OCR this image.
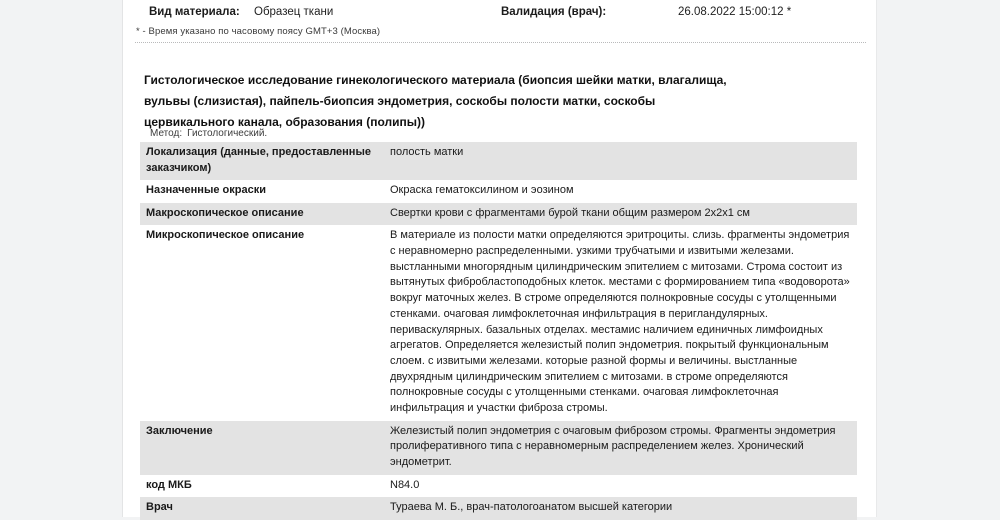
Вид материала: Образец ткани	Валидация (врач):	26.08.2022 15:00:12 *
* - Время указано по часовому поясу GMT+3 (Москва)
Гистологическое исследование гинекологического материала (биопсия шейки матки, влагалища,
вульвы (слизистая), пайпель-биопсия эндометрия, соскобы полости матки, соскобы
цервикального канала, образования (полипы))
Метод: Гистологический.
Локализация (данные, предоставленные заказчиком)	полость матки
Назначенные окраски	Окраска гематоксилином и эозином
Макроскопическое описание	Свертки крови с фрагментами бурой ткани общим размером 2х2х1 см
Микроскопическое описание	В материале из полости матки определяются эритроциты. слизь. фрагменты эндометрия с неравномерно распределенными. узкими трубчатыми и извитыми железами. выстланными многорядным цилиндрическим эпителием с митозами. Строма состоит из вытянутых фибробластоподобных клеток. местами с формированием типа «водоворота» вокруг маточных желез. В строме определяются полнокровные сосуды с утолщенными стенками. очаговая лимфоклеточная инфильтрация в перигландулярных. периваскулярных. базальных отделах. местамис наличием единичных лимфоидных агрегатов. Определяется железистый полип эндометрия. покрытый функциональным слоем. с извитыми железами. которые разной формы и величины. выстланные двухрядным цилиндрическим эпителием с митозами. в строме определяются полнокровные сосуды с утолщенными стенками. очаговая лимфоклеточная инфильтрация и участки фиброза стромы.
Заключение	Железистый полип эндометрия с очаговым фиброзом стромы. Фрагменты эндометрия пролиферативного типа с неравномерным распределением желез. Хронический эндометрит.
код МКБ	N84.0
Врач	Тураева М. Б., врач-патологоанатом высшей категории
